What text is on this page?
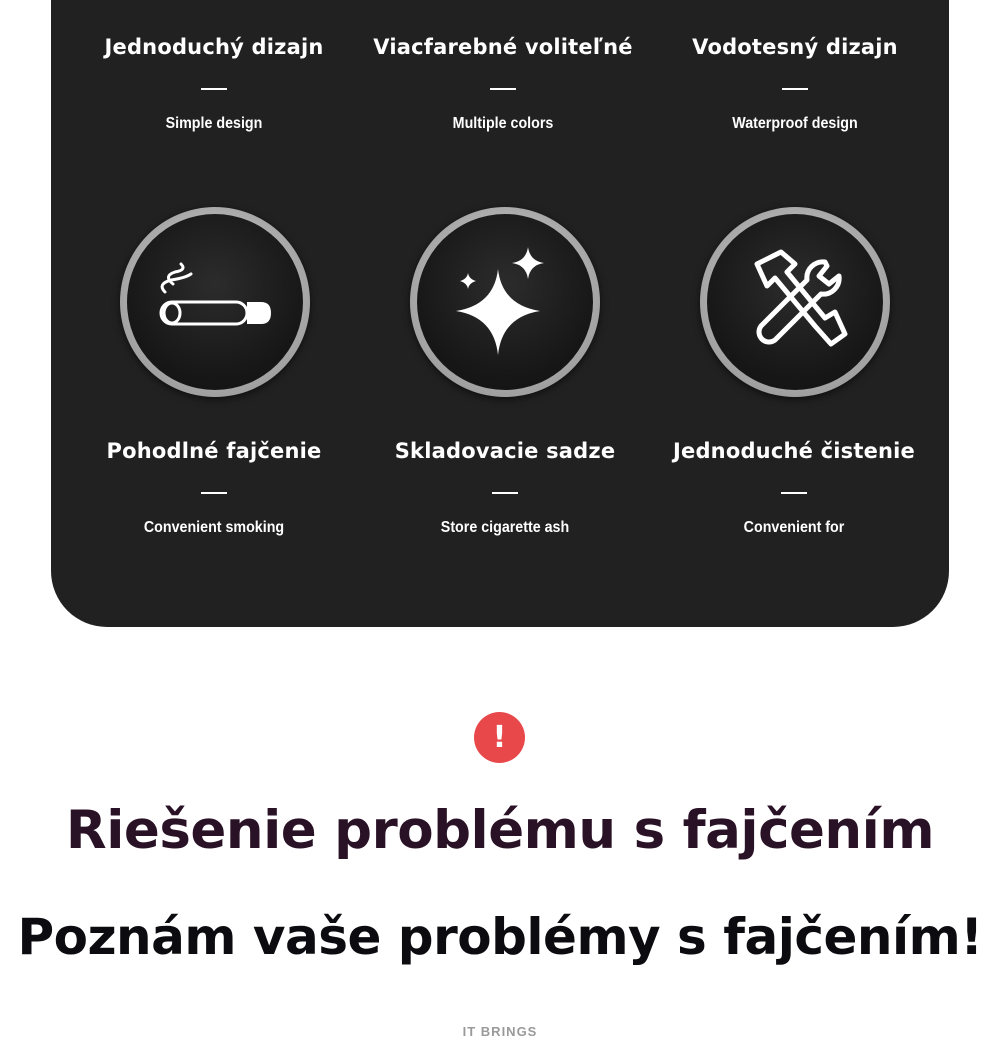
Jednoduchý dizajn
Simple design
Viacfarebné voliteľné
Multiple colors
Vodotesný dizajn
Waterproof design
Pohodlné fajčenie
Convenient smoking
Skladovacie sadze
Store cigarette ash
Jednoduché čistenie
Convenient for
!
Riešenie problému s fajčením
Poznám vaše problémy s fajčením!
IT BRINGS
